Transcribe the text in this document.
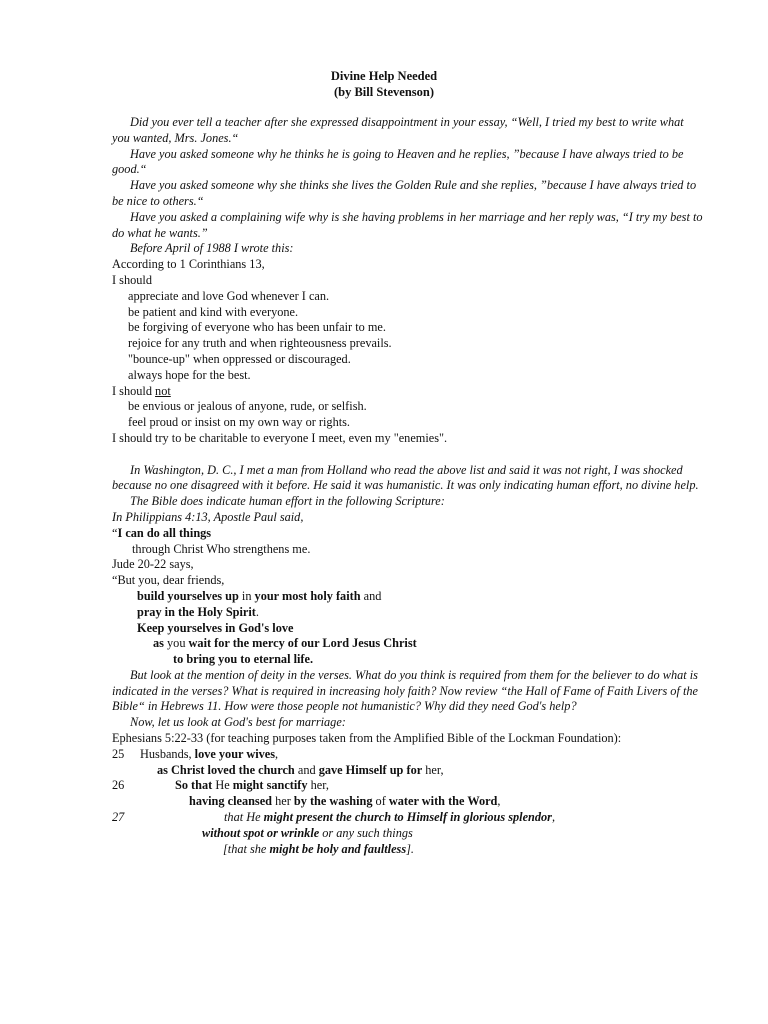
Divine Help Needed
(by Bill Stevenson)

Did you ever tell a teacher after she expressed disappointment in your essay, “Well, I tried my best to write what you wanted, Mrs. Jones.“

Have you asked someone why he thinks he is going to Heaven and he replies, ”because I have always tried to be good.“

Have you asked someone why she thinks she lives the Golden Rule and she replies, ”because I have always tried to be nice to others.“

Have you asked a complaining wife why is she having problems in her marriage and her reply was, “I try my best to do what he wants.”

Before April of 1988 I wrote this:

According to 1 Corinthians 13,

I should

appreciate and love God whenever I can.

be patient and kind with everyone.

be forgiving of everyone who has been unfair to me.

rejoice for any truth and when righteousness prevails.

"bounce-up" when oppressed or discouraged.

always hope for the best.

I should not

be envious or jealous of anyone, rude, or selfish.

feel proud or insist on my own way or rights.

I should try to be charitable to everyone I meet, even my "enemies".

In Washington, D. C., I met a man from Holland who read the above list and said it was not right, I was shocked because no one disagreed with it before. He said it was humanistic. It was only indicating human effort, no divine help.

The Bible does indicate human effort in the following Scripture:

In Philippians 4:13, Apostle Paul said,

“I can do all things

through Christ Who strengthens me.

Jude 20-22 says,

“But you, dear friends,

build yourselves up in your most holy faith and

pray in the Holy Spirit.

Keep yourselves in God's love

as you wait for the mercy of our Lord Jesus Christ

to bring you to eternal life.

But look at the mention of deity in the verses. What do you think is required from them for the believer to do what is indicated in the verses? What is required in increasing holy faith? Now review “the Hall of Fame of Faith Livers of the Bible“ in Hebrews 11. How were those people not humanistic? Why did they need God's help?

Now, let us look at God's best for marriage:

Ephesians 5:22-33 (for teaching purposes taken from the Amplified Bible of the Lockman Foundation):

25 Husbands, love your wives,

as Christ loved the church and gave Himself up for her,

26	So that He might sanctify her,

having cleansed her by the washing of water with the Word,

27	that He might present the church to Himself in glorious splendor,

without spot or wrinkle or any such things

[that she might be holy and faultless].
